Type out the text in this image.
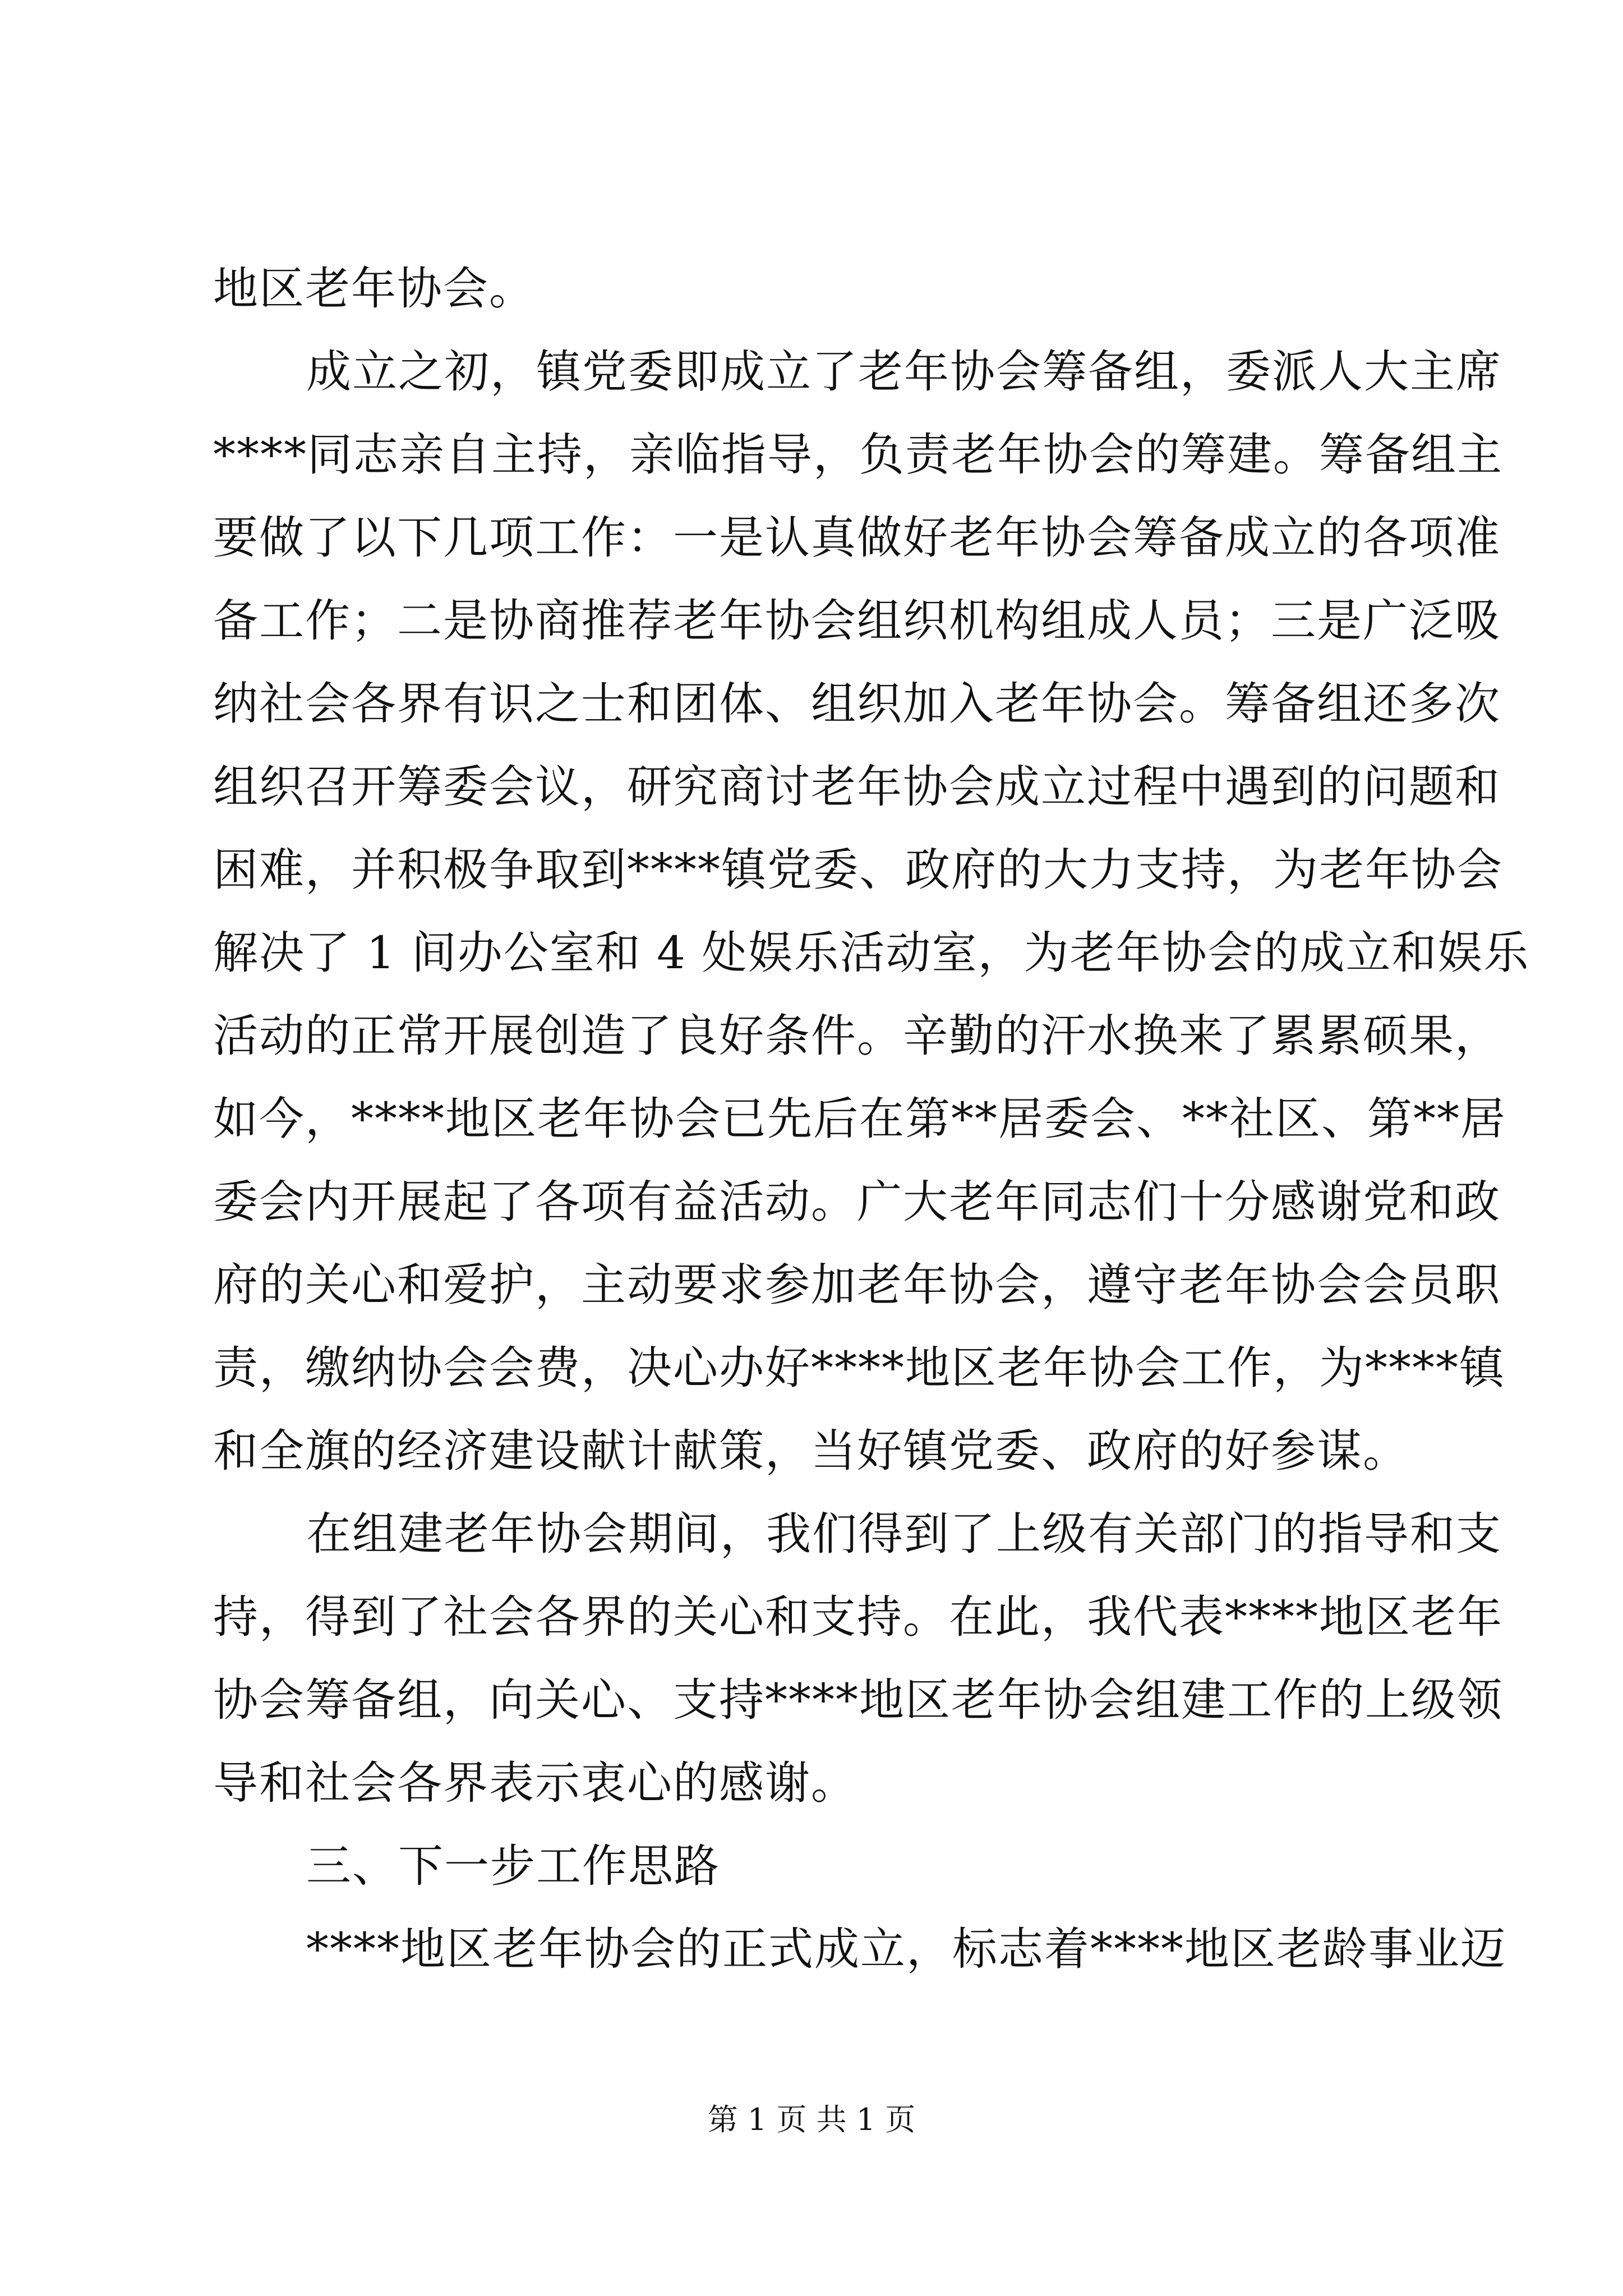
地区老年协会。
成立之初，镇党委即成立了老年协会筹备组，委派人大主席
****同志亲自主持，亲临指导，负责老年协会的筹建。筹备组主
要做了以下几项工作：一是认真做好老年协会筹备成立的各项准
备工作；二是协商推荐老年协会组织机构组成人员；三是广泛吸
纳社会各界有识之士和团体、组织加入老年协会。筹备组还多次
组织召开筹委会议，研究商讨老年协会成立过程中遇到的问题和
困难，并积极争取到****镇党委、政府的大力支持，为老年协会
解决了 1 间办公室和 4 处娱乐活动室，为老年协会的成立和娱乐
活动的正常开展创造了良好条件。辛勤的汗水换来了累累硕果，
如今，****地区老年协会已先后在第**居委会、**社区、第**居
委会内开展起了各项有益活动。广大老年同志们十分感谢党和政
府的关心和爱护，主动要求参加老年协会，遵守老年协会会员职
责，缴纳协会会费，决心办好****地区老年协会工作，为****镇
和全旗的经济建设献计献策，当好镇党委、政府的好参谋。
在组建老年协会期间，我们得到了上级有关部门的指导和支
持，得到了社会各界的关心和支持。在此，我代表****地区老年
协会筹备组，向关心、支持****地区老年协会组建工作的上级领
导和社会各界表示衷心的感谢。
三、下一步工作思路
****地区老年协会的正式成立，标志着****地区老龄事业迈
第 1 页 共 1 页
